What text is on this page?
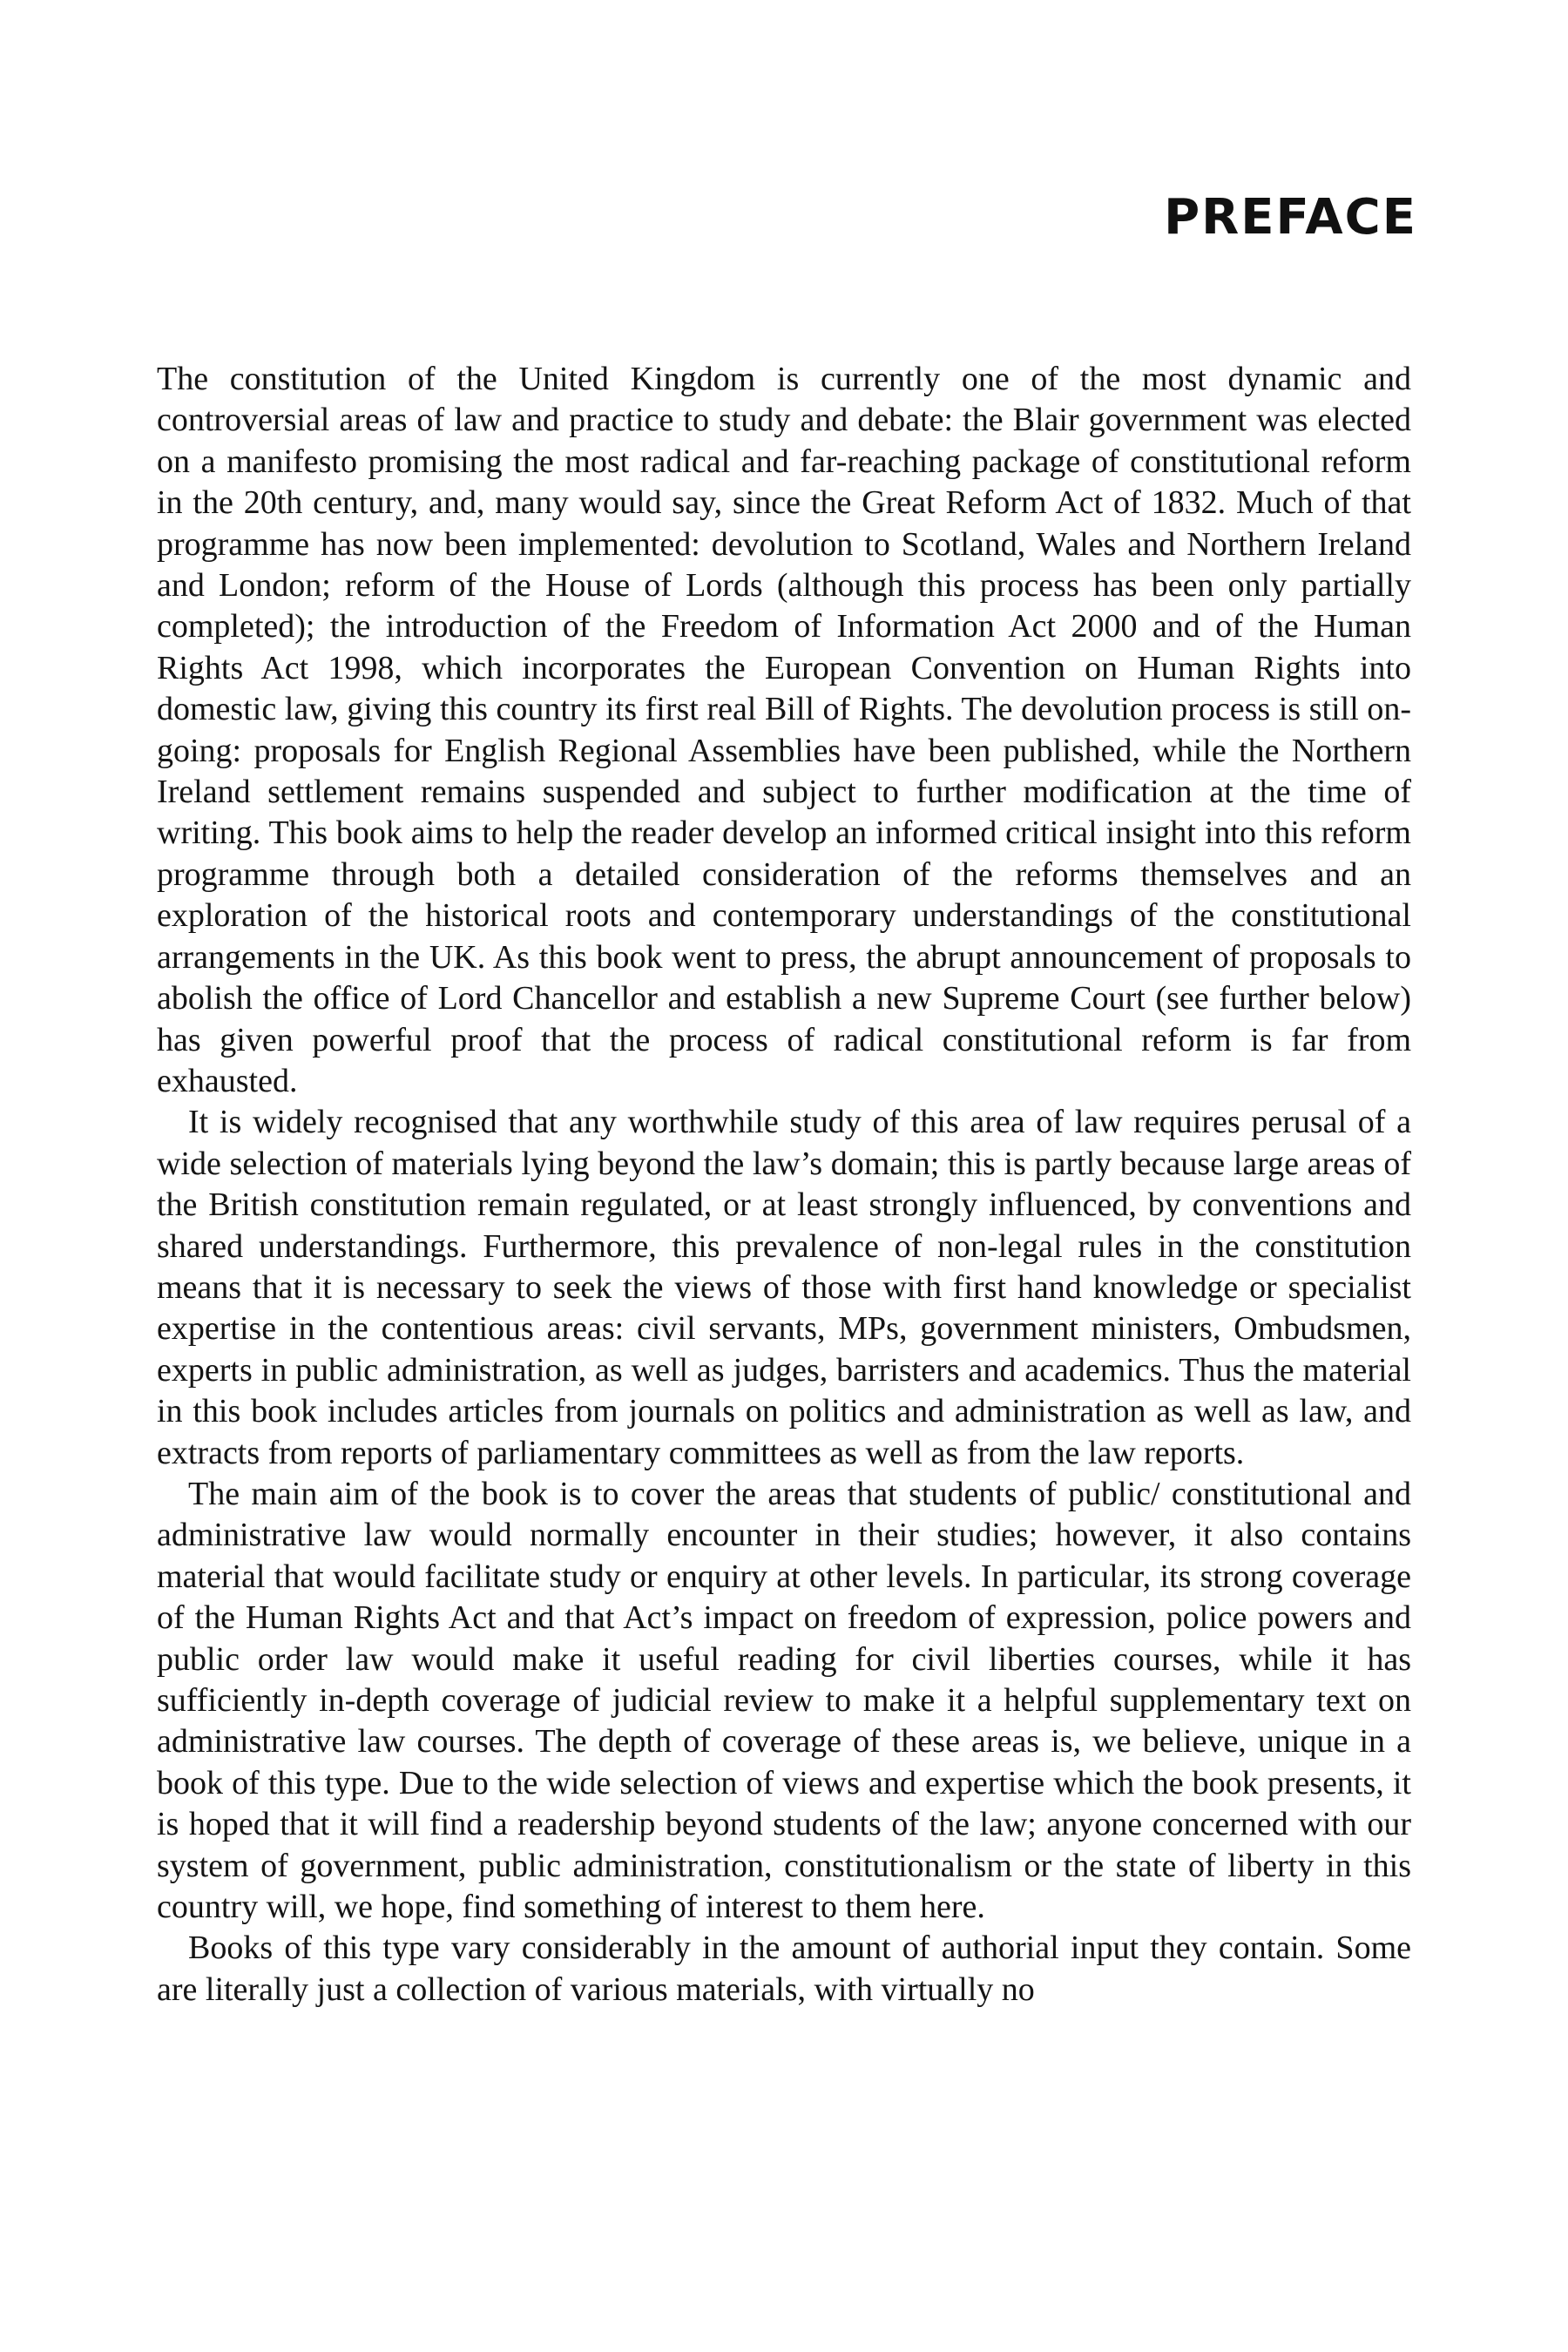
PREFACE

The constitution of the United Kingdom is currently one of the most dynamic and controversial areas of law and practice to study and debate: the Blair government was elected on a manifesto promising the most radical and far-reaching package of constitutional reform in the 20th century, and, many would say, since the Great Reform Act of 1832. Much of that programme has now been implemented: devolution to Scotland, Wales and Northern Ireland and London; reform of the House of Lords (although this process has been only partially completed); the introduction of the Freedom of Information Act 2000 and of the Human Rights Act 1998, which incorporates the European Convention on Human Rights into domestic law, giving this country its first real Bill of Rights. The devolution process is still on-going: proposals for English Regional Assemblies have been published, while the Northern Ireland settlement remains suspended and subject to further modification at the time of writing. This book aims to help the reader develop an informed critical insight into this reform programme through both a detailed consideration of the reforms themselves and an exploration of the historical roots and contemporary understandings of the constitutional arrangements in the UK. As this book went to press, the abrupt announcement of proposals to abolish the office of Lord Chancellor and establish a new Supreme Court (see further below) has given powerful proof that the process of radical constitutional reform is far from exhausted.

It is widely recognised that any worthwhile study of this area of law requires perusal of a wide selection of materials lying beyond the law’s domain; this is partly because large areas of the British constitution remain regulated, or at least strongly influenced, by conventions and shared understandings. Furthermore, this prevalence of non-legal rules in the constitution means that it is necessary to seek the views of those with first hand knowledge or specialist expertise in the contentious areas: civil servants, MPs, government ministers, Ombudsmen, experts in public administration, as well as judges, barristers and academics. Thus the material in this book includes articles from journals on politics and administration as well as law, and extracts from reports of parliamentary committees as well as from the law reports.

The main aim of the book is to cover the areas that students of public/ constitutional and administrative law would normally encounter in their studies; however, it also contains material that would facilitate study or enquiry at other levels. In particular, its strong coverage of the Human Rights Act and that Act’s impact on freedom of expression, police powers and public order law would make it useful reading for civil liberties courses, while it has sufficiently in-depth coverage of judicial review to make it a helpful supplementary text on administrative law courses. The depth of coverage of these areas is, we believe, unique in a book of this type. Due to the wide selection of views and expertise which the book presents, it is hoped that it will find a readership beyond students of the law; anyone concerned with our system of government, public administration, constitutionalism or the state of liberty in this country will, we hope, find something of interest to them here.

Books of this type vary considerably in the amount of authorial input they contain. Some are literally just a collection of various materials, with virtually no
